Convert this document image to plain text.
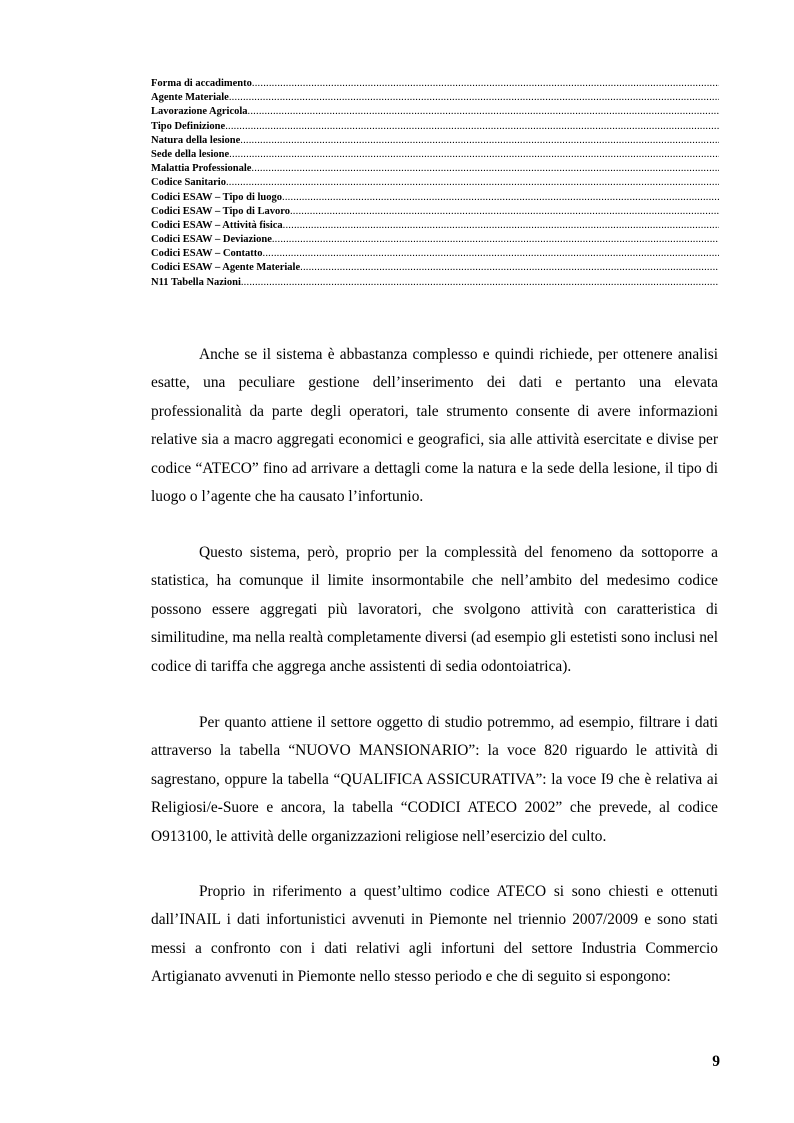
Forma di accadimento
.....
Agente Materiale
.....
Lavorazione Agricola
.....
Tipo Definizione
.....
Natura della lesione
.....
Sede della lesione
.....
Malattia Professionale
.....
Codice Sanitario
.....
Codici ESAW – Tipo di luogo
.....
Codici ESAW – Tipo di Lavoro
.....
Codici ESAW – Attività fisica
.....
Codici ESAW – Deviazione
.....
Codici ESAW – Contatto
.....
Codici ESAW – Agente Materiale
.....
N11 Tabella Nazioni
.....

Anche se il sistema è abbastanza complesso e quindi richiede, per ottenere analisi esatte, una peculiare gestione dell’inserimento dei dati e pertanto una elevata professionalità da parte degli operatori, tale strumento consente di avere informazioni relative sia a macro aggregati economici e geografici, sia alle attività esercitate e divise per codice “ATECO” fino ad arrivare a dettagli come la natura e la sede della lesione, il tipo di luogo o l’agente che ha causato l’infortunio.

Questo sistema, però, proprio per la complessità del fenomeno da sottoporre a statistica, ha comunque il limite insormontabile che nell’ambito del medesimo codice possono essere aggregati più lavoratori, che svolgono attività con caratteristica di similitudine, ma nella realtà completamente diversi (ad esempio gli estetisti sono inclusi nel codice di tariffa che aggrega anche assistenti di sedia odontoiatrica).

Per quanto attiene il settore oggetto di studio potremmo, ad esempio, filtrare i dati attraverso la tabella “NUOVO MANSIONARIO”: la voce 820 riguardo le attività di sagrestano, oppure la tabella “QUALIFICA ASSICURATIVA”: la voce I9 che è relativa ai Religiosi/e-Suore e ancora, la tabella “CODICI ATECO 2002” che prevede, al codice O913100, le attività delle organizzazioni religiose nell’esercizio del culto.

Proprio in riferimento a quest’ultimo codice ATECO si sono chiesti e ottenuti dall’INAIL i dati infortunistici avvenuti in Piemonte nel triennio 2007/2009 e sono stati messi a confronto con i dati relativi agli infortuni del settore Industria Commercio Artigianato avvenuti in Piemonte nello stesso periodo e che di seguito si espongono:

9
